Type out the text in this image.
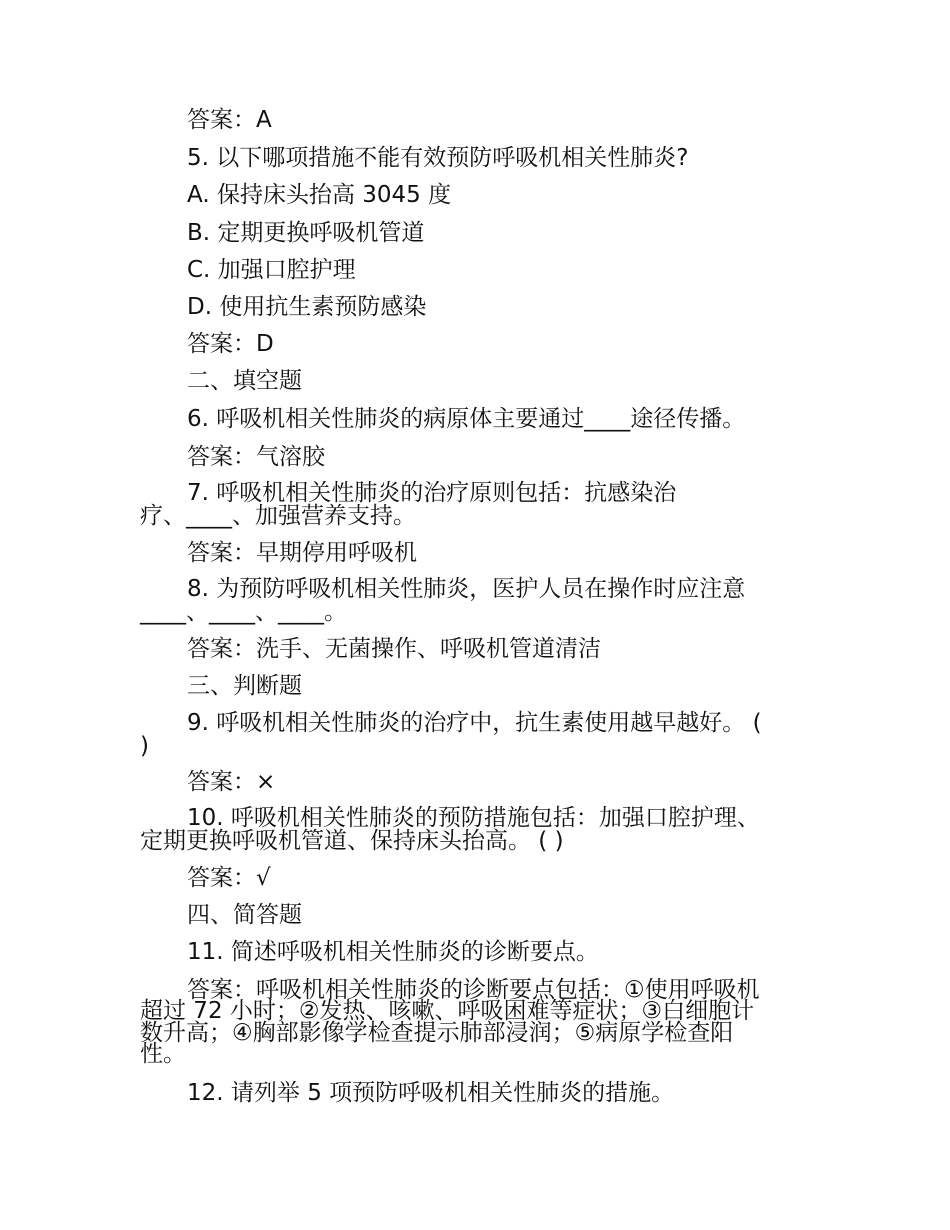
答案：A

5. 以下哪项措施不能有效预防呼吸机相关性肺炎?

A. 保持床头抬高 3045 度

B. 定期更换呼吸机管道

C. 加强口腔护理

D. 使用抗生素预防感染

答案：D

二、填空题

6. 呼吸机相关性肺炎的病原体主要通过____途径传播。

答案：气溶胶

7. 呼吸机相关性肺炎的治疗原则包括：抗感染治

疗、____、加强营养支持。

答案：早期停用呼吸机

8. 为预防呼吸机相关性肺炎，医护人员在操作时应注意

____、____、____。

答案：洗手、无菌操作、呼吸机管道清洁

三、判断题

9. 呼吸机相关性肺炎的治疗中，抗生素使用越早越好。 (

)

答案：×

10. 呼吸机相关性肺炎的预防措施包括：加强口腔护理、

定期更换呼吸机管道、保持床头抬高。 ( )

答案：√

四、简答题

11. 简述呼吸机相关性肺炎的诊断要点。

答案：呼吸机相关性肺炎的诊断要点包括：①使用呼吸机

超过 72 小时；②发热、咳嗽、呼吸困难等症状；③白细胞计

数升高；④胸部影像学检查提示肺部浸润；⑤病原学检查阳

性。

12. 请列举 5 项预防呼吸机相关性肺炎的措施。
